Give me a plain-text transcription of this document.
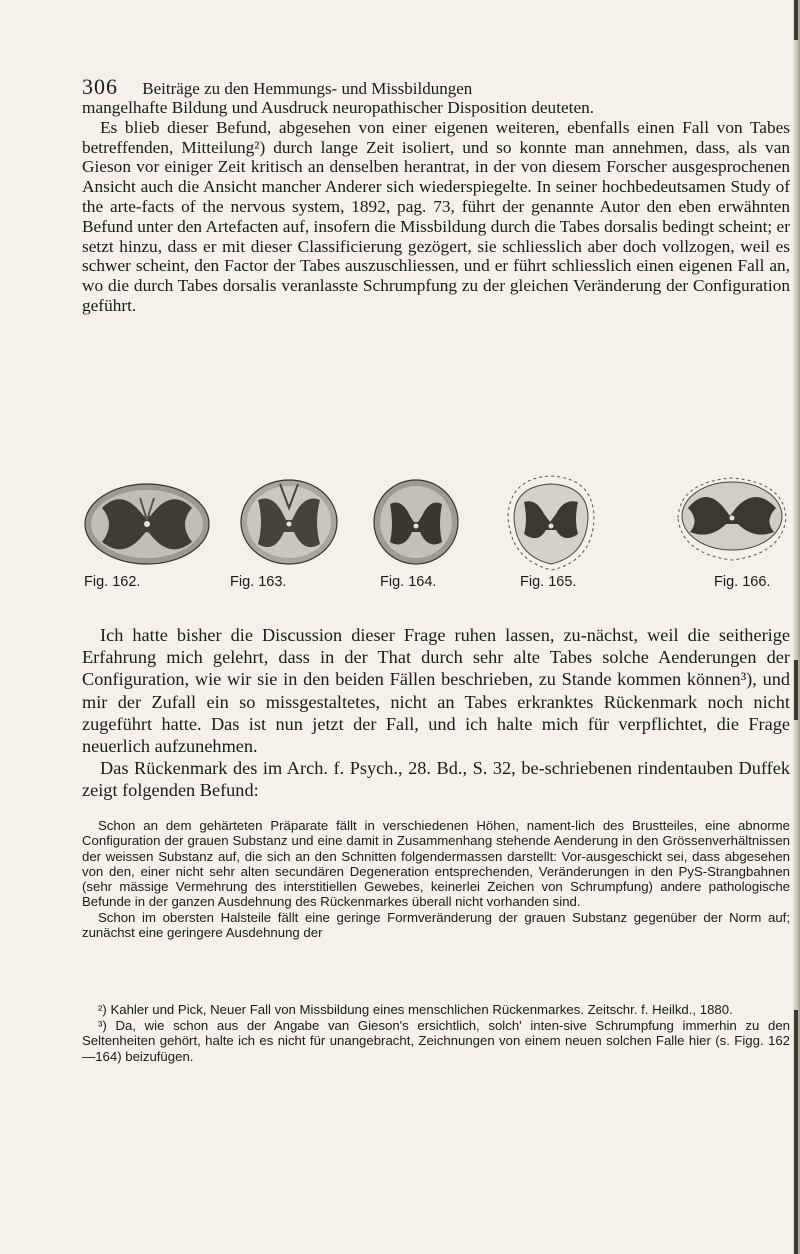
306 Beiträge zu den Hemmungs- und Missbildungen

mangelhafte Bildung und Ausdruck neuropathischer Disposition deuteten.

Es blieb dieser Befund, abgesehen von einer eigenen weiteren, ebenfalls einen Fall von Tabes betreffenden, Mitteilung²) durch lange Zeit isoliert, und so konnte man annehmen, dass, als van Gieson vor einiger Zeit kritisch an denselben herantrat, in der von diesem Forscher ausgesprochenen Ansicht auch die Ansicht mancher Anderer sich wiederspiegelte. In seiner hochbedeutsamen Study of the arte-facts of the nervous system, 1892, pag. 73, führt der genannte Autor den eben erwähnten Befund unter den Artefacten auf, insofern die Missbildung durch die Tabes dorsalis bedingt scheint; er setzt hinzu, dass er mit dieser Classificierung gezögert, sie schliesslich aber doch vollzogen, weil es schwer scheint, den Factor der Tabes auszuschliessen, und er führt schliesslich einen eigenen Fall an, wo die durch Tabes dorsalis veranlasste Schrumpfung zu der gleichen Veränderung der Configuration geführt.

Fig. 162.	Fig. 163.	Fig. 164.	Fig. 165.	Fig. 166.

Ich hatte bisher die Discussion dieser Frage ruhen lassen, zu-nächst, weil die seitherige Erfahrung mich gelehrt, dass in der That durch sehr alte Tabes solche Aenderungen der Configuration, wie wir sie in den beiden Fällen beschrieben, zu Stande kommen können³), und mir der Zufall ein so missgestaltetes, nicht an Tabes erkranktes Rückenmark noch nicht zugeführt hatte. Das ist nun jetzt der Fall, und ich halte mich für verpflichtet, die Frage neuerlich aufzunehmen.

Das Rückenmark des im Arch. f. Psych., 28. Bd., S. 32, be-schriebenen rindentauben Duffek zeigt folgenden Befund:

Schon an dem gehärteten Präparate fällt in verschiedenen Höhen, nament-lich des Brustteiles, eine abnorme Configuration der grauen Substanz und eine damit in Zusammenhang stehende Aenderung in den Grössenverhältnissen der weissen Substanz auf, die sich an den Schnitten folgendermassen darstellt: Vor-ausgeschickt sei, dass abgesehen von den, einer nicht sehr alten secundären Degeneration entsprechenden, Veränderungen in den PyS-Strangbahnen (sehr mässige Vermehrung des interstitiellen Gewebes, keinerlei Zeichen von Schrumpfung) andere pathologische Befunde in der ganzen Ausdehnung des Rückenmarkes überall nicht vorhanden sind.

Schon im obersten Halsteile fällt eine geringe Formveränderung der grauen Substanz gegenüber der Norm auf; zunächst eine geringere Ausdehnung der

²) Kahler und Pick, Neuer Fall von Missbildung eines menschlichen Rückenmarkes. Zeitschr. f. Heilkd., 1880.

³) Da, wie schon aus der Angabe van Gieson's ersichtlich, solch' inten-sive Schrumpfung immerhin zu den Seltenheiten gehört, halte ich es nicht für unangebracht, Zeichnungen von einem neuen solchen Falle hier (s. Figg. 162—164) beizufügen.
